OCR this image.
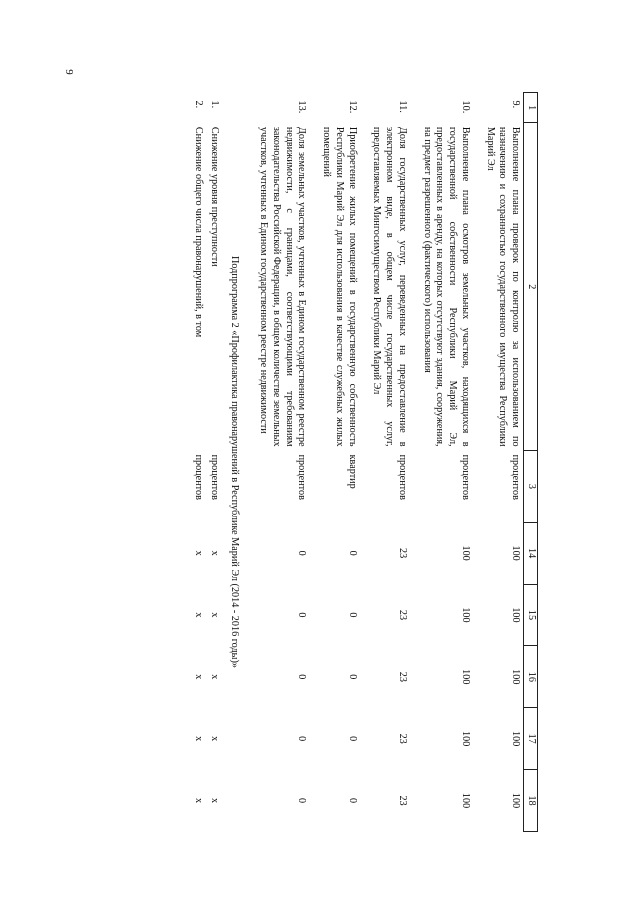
9
1	2	3	14	15	16	17	18
9.	Выполнение плана проверок по контролю за использованием по назначению и сохранностью государственного имущества Республики Марий Эл	процентов	100	100	100	100	100
10.	Выполнение плана осмотров земельных участков, находящихся в государственной собственности Республики Марий Эл, предоставленных в аренду, на которых отсутствуют здания, сооружения, на предмет разрешенного (фактического) использования	процентов	100	100	100	100	100
11.	Доля государственных услуг, переведенных на предоставление в электронном виде, в общем числе государственных услуг, предоставляемых Мингосимуществом Республики Марий Эл	процентов	23	23	23	23	23
12.	Приобретение жилых помещений в государственную собственность Республики Марий Эл для использования в качестве служебных жилых помещений	квартир	0	0	0	0	0
13.	Доля земельных участков, учтенных в Едином государственном реестре недвижимости, с границами, соответствующими требованиям законодательства Российской Федерации, в общем количестве земельных участков, учтенных в Едином государственном реестре недвижимости	процентов	0	0	0	0	0
Подпрограмма 2 «Профилактика правонарушений в Республике Марий Эл (2014 - 2016 годы)»							
1.	Снижение уровня преступности	процентов	x	x	x	x	x
2.	Снижение общего числа правонарушений, в том	процентов	x	x	x	x	x
